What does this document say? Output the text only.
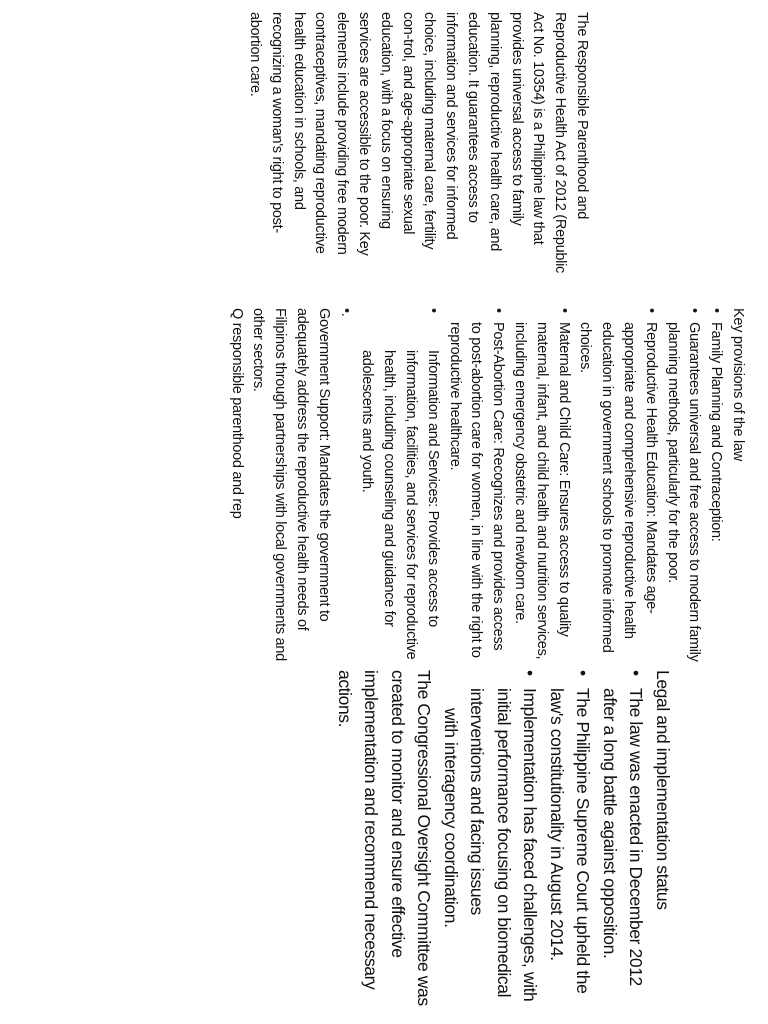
The Responsible Parenthood and Reproductive Health Act of 2012 (Republic Act No. 10354) is a Philippine law that provides universal access to family planning, reproductive health care, and education. It guarantees access to information and services for informed choice, including maternal care, fertility con-trol, and age-appropriate sexual education, with a focus on ensuring services are accessible to the poor. Key elements include providing free modern contraceptives, mandating reproductive health education in schools, and recognizing a woman's right to post-abortion care.

Key provisions of the law

•
Family Planning and Contraception:
•
Guarantees universal and free access to modern family planning methods, particularly for the poor.
•
Reproductive Health Education: Mandates age-appropriate and comprehensive reproductive health education in government schools to promote informed choices.
•
Maternal and Child Care: Ensures access to quality maternal, infant, and child health and nutrition services, including emergency obstetric and newborn care.
•
Post-Abortion Care: Recognizes and provides access to post-abortion care for women, in line with the right to reproductive healthcare.
•
Information and Services: Provides access to information, facilities, and services for reproductive health, including counseling and guidance for adolescents and youth.
•.
Government Support: Mandates the government to adequately address the reproductive health needs of Filipinos through partnerships with local governments and other sectors.
Q responsible parenthood and rep

Legal and implementation status

•
The law was enacted in December 2012 after a long battle against opposition.
•
The Philippine Supreme Court upheld the law's constitutionality in August 2014.
•
Implementation has faced challenges, with initial performance focusing on biomedical interventions and facing issues
with interagency coordination.

The Congressional Oversight Committee was created to monitor and ensure effective implementation and recommend necessary actions.
